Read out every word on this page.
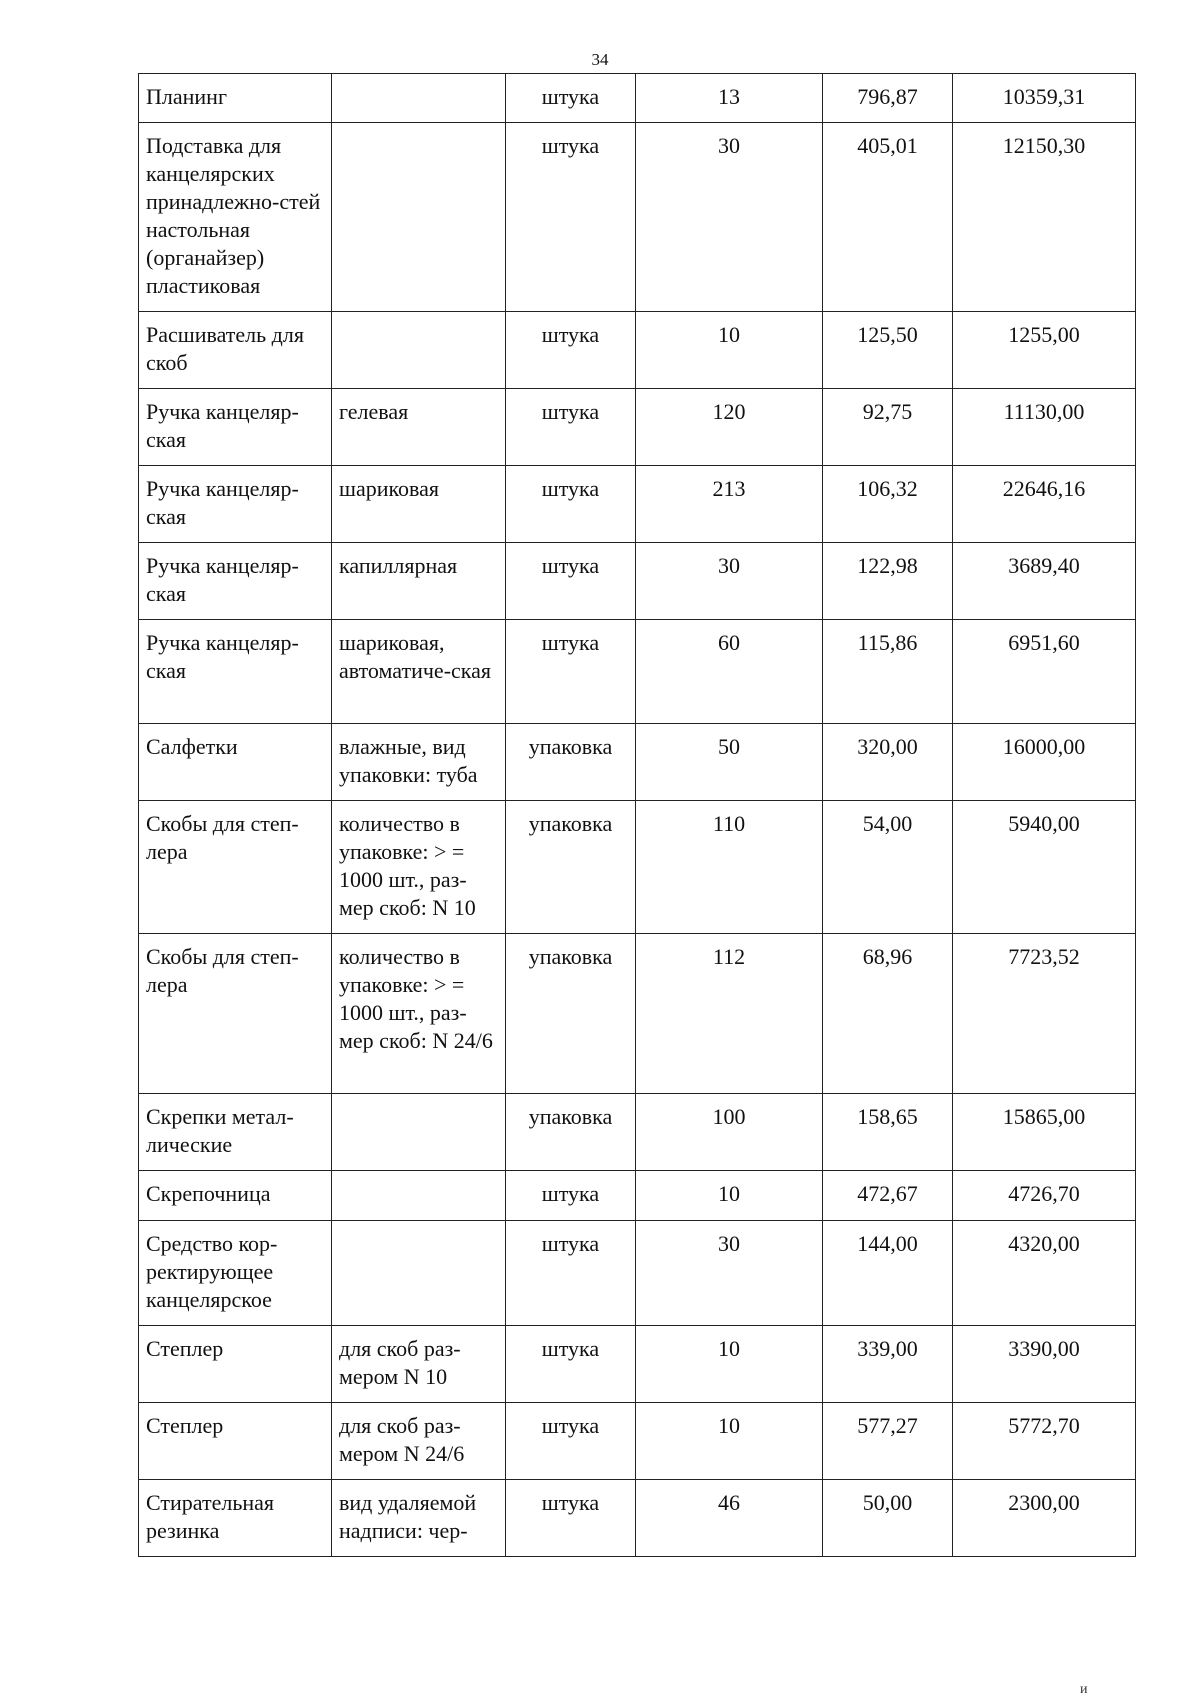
34
Планинг		штука	13	796,87	10359,31
Подставка для канцелярских принадлежно-стей настольная (органайзер) пластиковая		штука	30	405,01	12150,30
Расшиватель для скоб		штука	10	125,50	1255,00
Ручка канцеляр-ская	гелевая	штука	120	92,75	11130,00
Ручка канцеляр-ская	шариковая	штука	213	106,32	22646,16
Ручка канцеляр-ская	капиллярная	штука	30	122,98	3689,40
Ручка канцеляр-ская	шариковая, автоматиче-ская	штука	60	115,86	6951,60
Салфетки	влажные, вид упаковки: туба	упаковка	50	320,00	16000,00
Скобы для степ-лера	количество в упаковке: > = 1000 шт., раз-мер скоб: N 10	упаковка	110	54,00	5940,00
Скобы для степ-лера	количество в упаковке: > = 1000 шт., раз-мер скоб: N 24/6	упаковка	112	68,96	7723,52
Скрепки метал-лические		упаковка	100	158,65	15865,00
Скрепочница		штука	10	472,67	4726,70
Средство кор-ректирующее канцелярское		штука	30	144,00	4320,00
Степлер	для скоб раз-мером N 10	штука	10	339,00	3390,00
Степлер	для скоб раз-мером N 24/6	штука	10	577,27	5772,70
Стирательная резинка	вид удаляемой надписи: чер-	штука	46	50,00	2300,00
и
